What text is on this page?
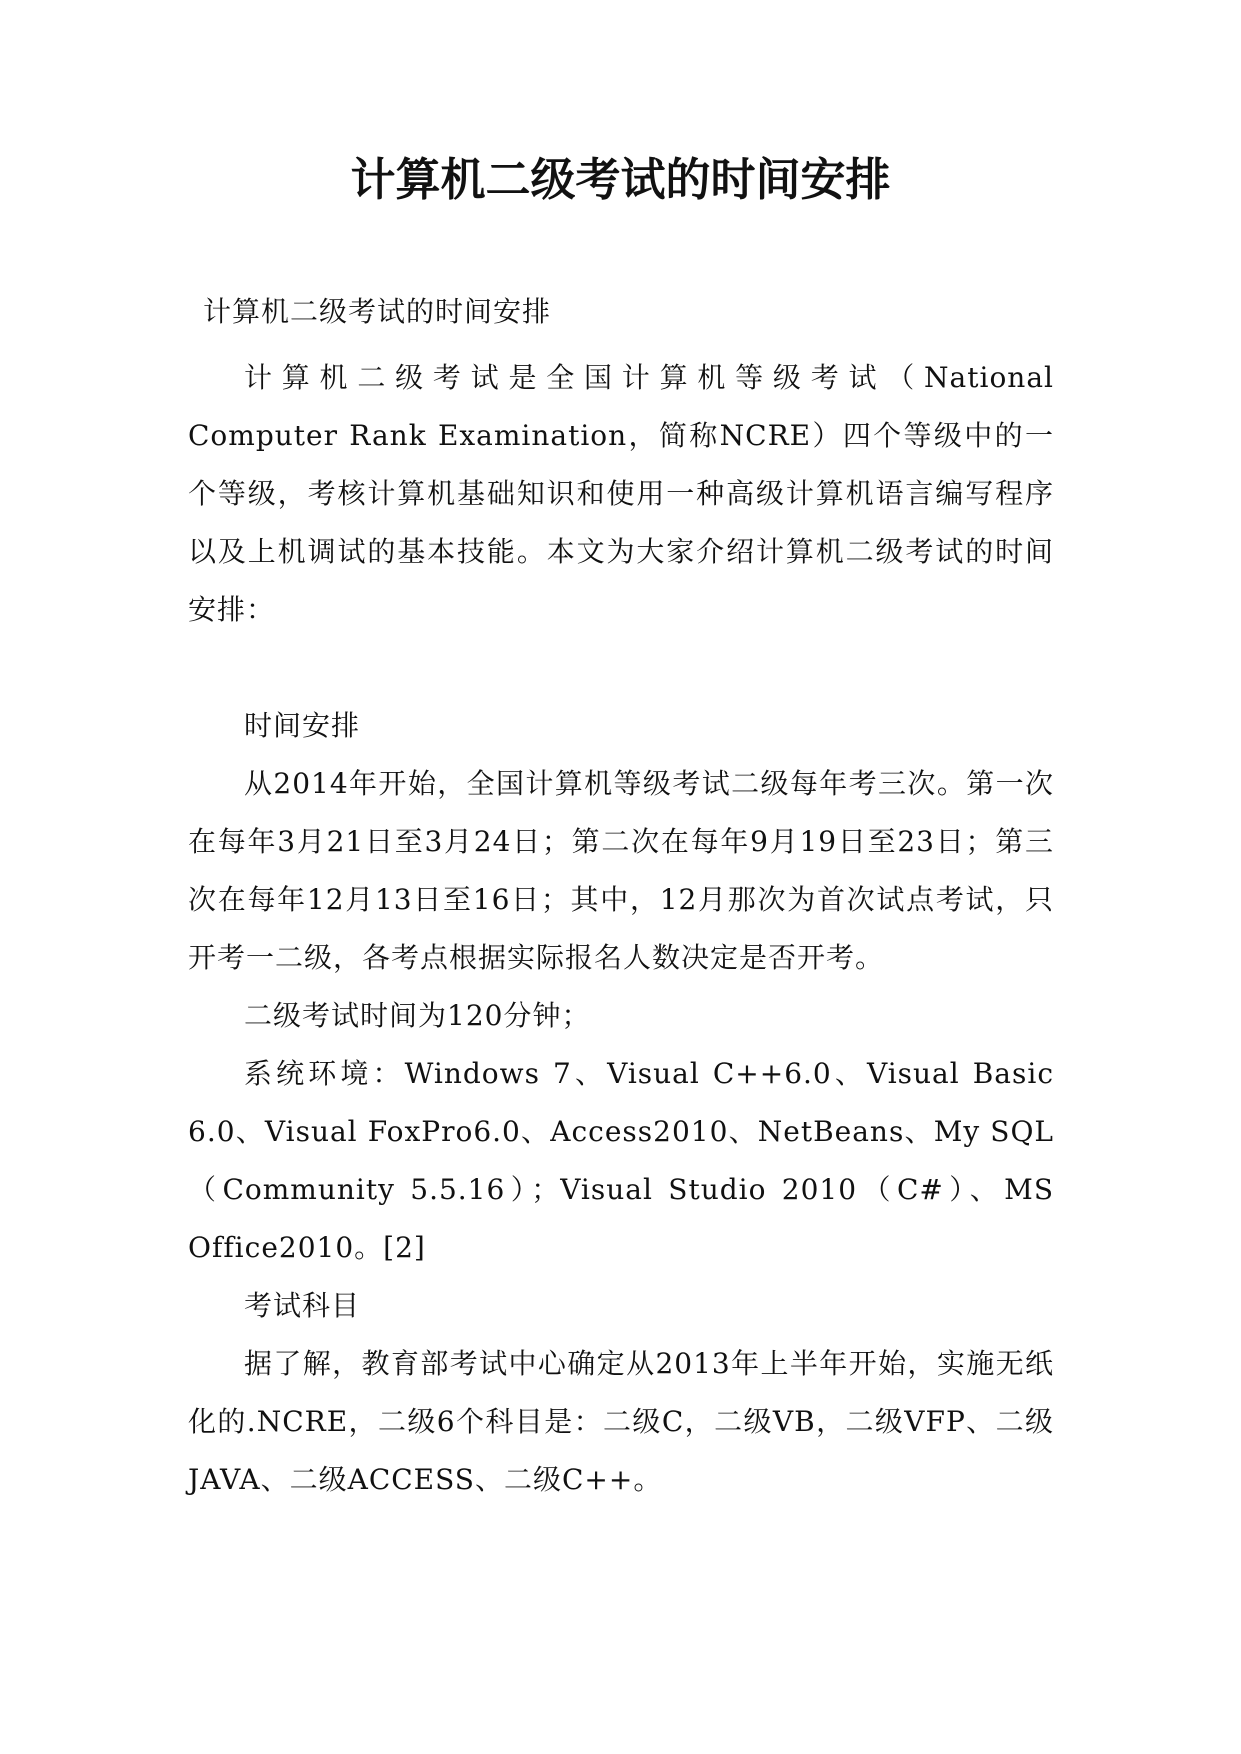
计算机二级考试的时间安排

计算机二级考试的时间安排

计算机二级考试是全国计算机等级考试（National Computer Rank Examination，简称NCRE）四个等级中的一个等级，考核计算机基础知识和使用一种高级计算机语言编写程序以及上机调试的基本技能。本文为大家介绍计算机二级考试的时间安排：

时间安排

从2014年开始，全国计算机等级考试二级每年考三次。第一次在每年3月21日至3月24日；第二次在每年9月19日至23日；第三次在每年12月13日至16日；其中，12月那次为首次试点考试，只开考一二级，各考点根据实际报名人数决定是否开考。

二级考试时间为120分钟；

系统环境：Windows 7、Visual C++6.0、Visual Basic 6.0、Visual FoxPro6.0、Access2010、NetBeans、My SQL（Community 5.5.16）；Visual Studio 2010（C#）、MS Office2010。[2]

考试科目

据了解，教育部考试中心确定从2013年上半年开始，实施无纸化的.NCRE，二级6个科目是：二级C，二级VB，二级VFP、二级JAVA、二级ACCESS、二级C++。
